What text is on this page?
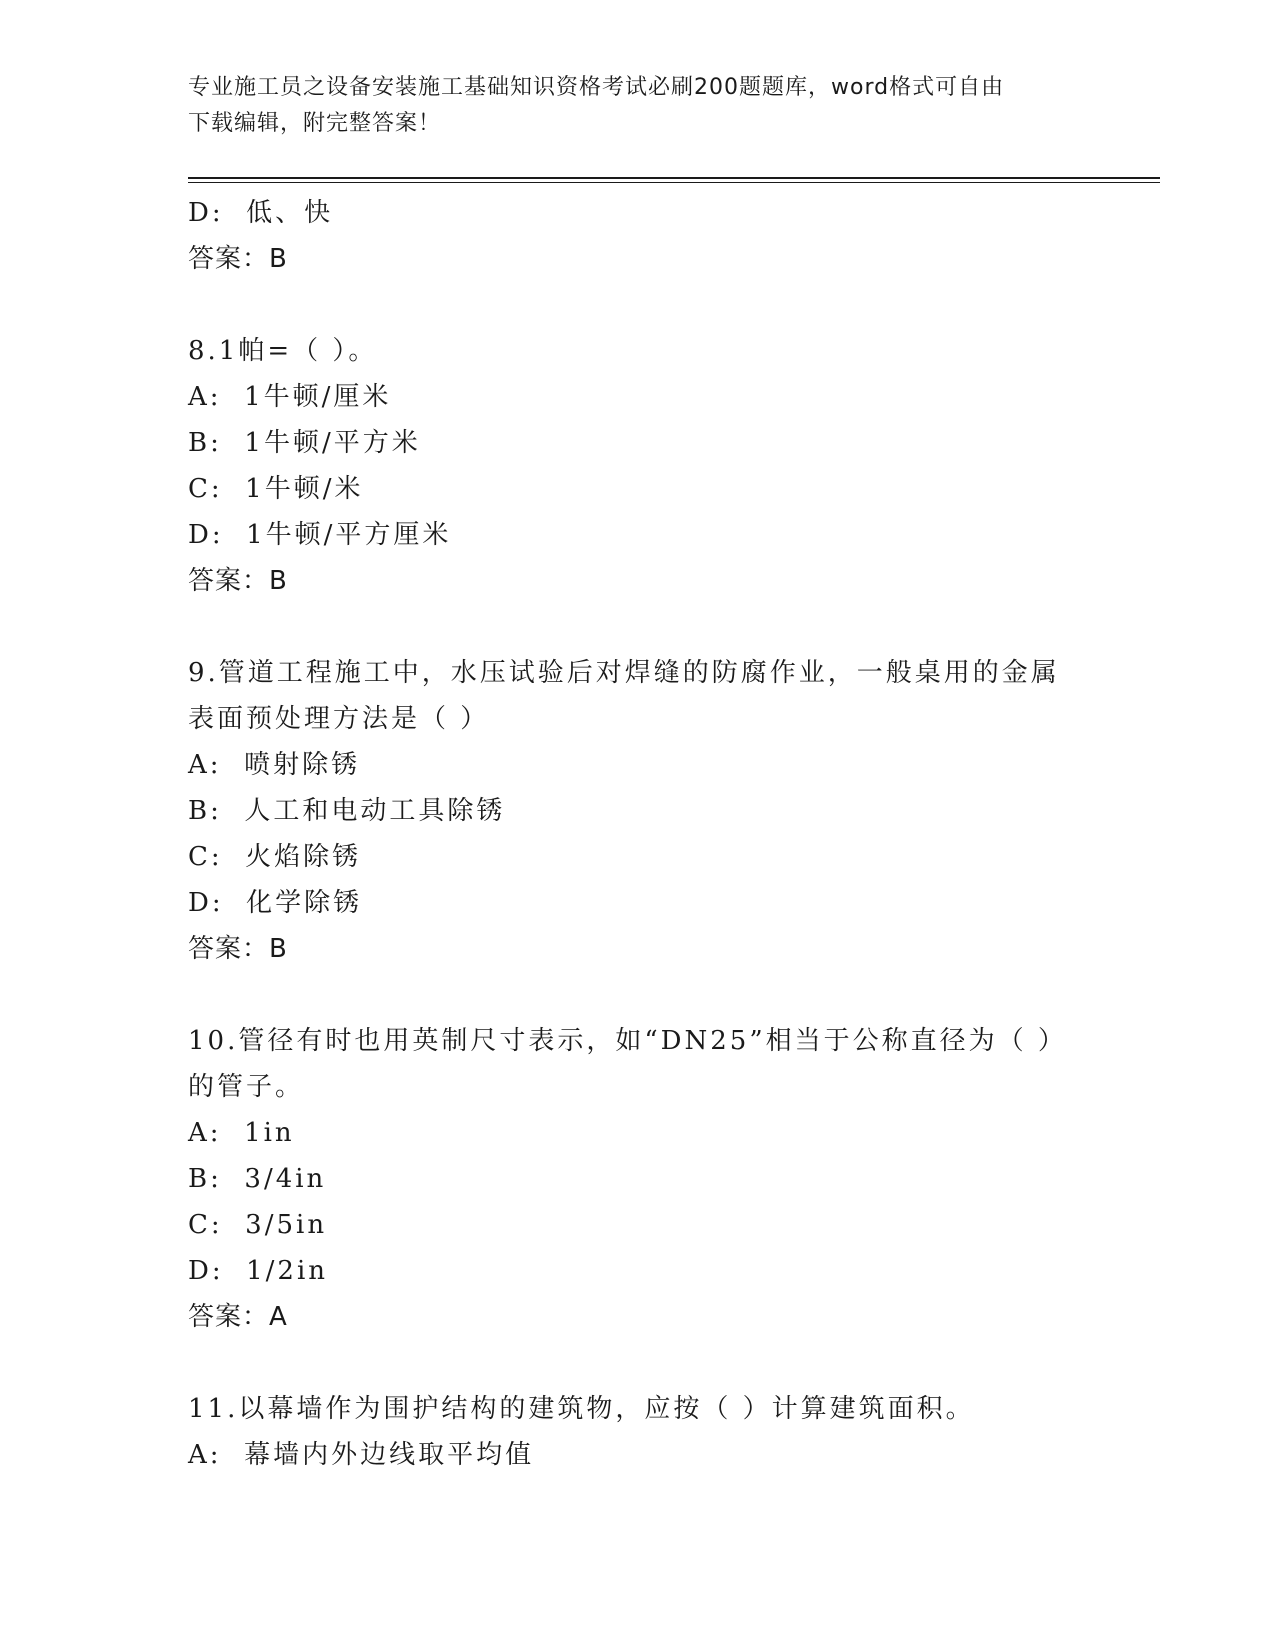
专业施工员之设备安装施工基础知识资格考试必刷200题题库，word格式可自由
下载编辑，附完整答案！
D:  低、快
答案：B
8.1帕=（ ）。
A:  1牛顿/厘米
B:  1牛顿/平方米
C:  1牛顿/米
D:  1牛顿/平方厘米
答案：B
9.管道工程施工中，水压试验后对焊缝的防腐作业，一般桌用的金属
表面预处理方法是（ ）
A:  喷射除锈
B:  人工和电动工具除锈
C:  火焰除锈
D:  化学除锈
答案：B
10.管径有时也用英制尺寸表示，如“DN25”相当于公称直径为（ ）
的管子。
A:  1in
B:  3/4in
C:  3/5in
D:  1/2in
答案：A
11.以幕墙作为围护结构的建筑物，应按（ ）计算建筑面积。
A:  幕墙内外边线取平均值
